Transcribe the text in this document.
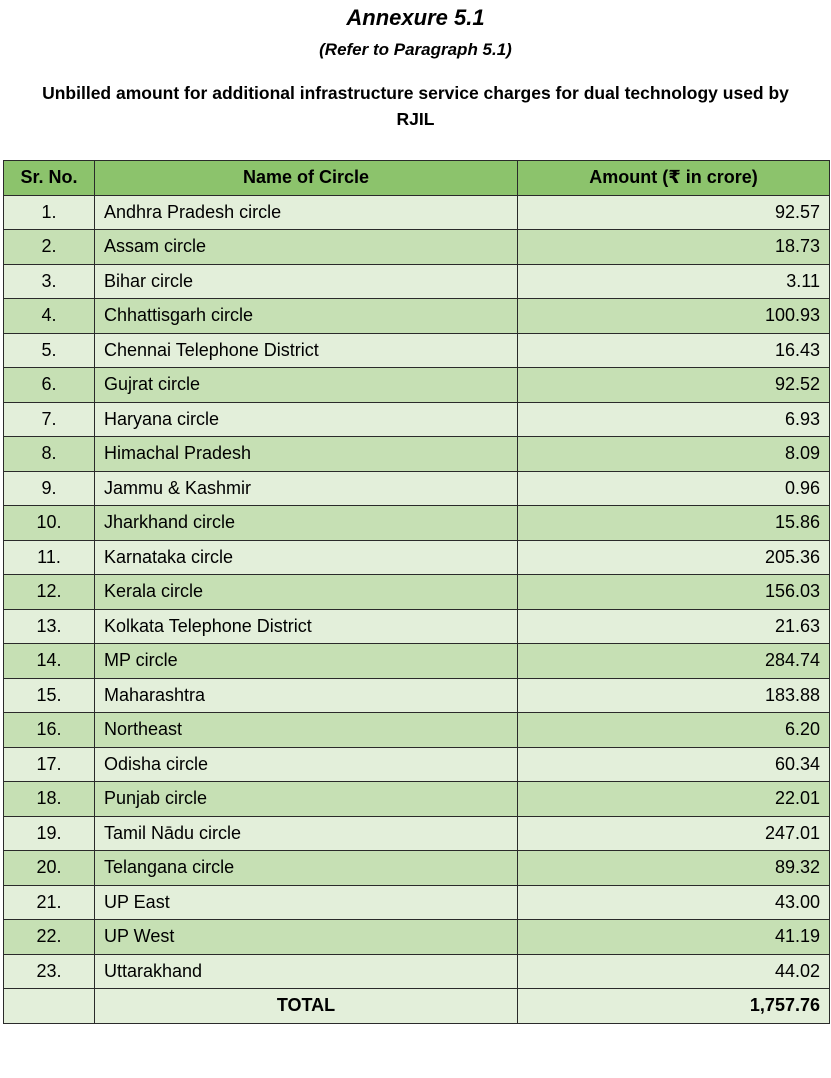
Annexure 5.1
(Refer to Paragraph 5.1)
Unbilled amount for additional infrastructure service charges for dual technology used by
RJIL
Sr. No.	Name of Circle	Amount (₹ in crore)
1.	Andhra Pradesh circle	92.57
2.	Assam circle	18.73
3.	Bihar circle	3.11
4.	Chhattisgarh circle	100.93
5.	Chennai Telephone District	16.43
6.	Gujrat circle	92.52
7.	Haryana circle	6.93
8.	Himachal Pradesh	8.09
9.	Jammu & Kashmir	0.96
10.	Jharkhand circle	15.86
11.	Karnataka circle	205.36
12.	Kerala circle	156.03
13.	Kolkata Telephone District	21.63
14.	MP circle	284.74
15.	Maharashtra	183.88
16.	Northeast	6.20
17.	Odisha circle	60.34
18.	Punjab circle	22.01
19.	Tamil Nādu circle	247.01
20.	Telangana circle	89.32
21.	UP East	43.00
22.	UP West	41.19
23.	Uttarakhand	44.02
	TOTAL	1,757.76
